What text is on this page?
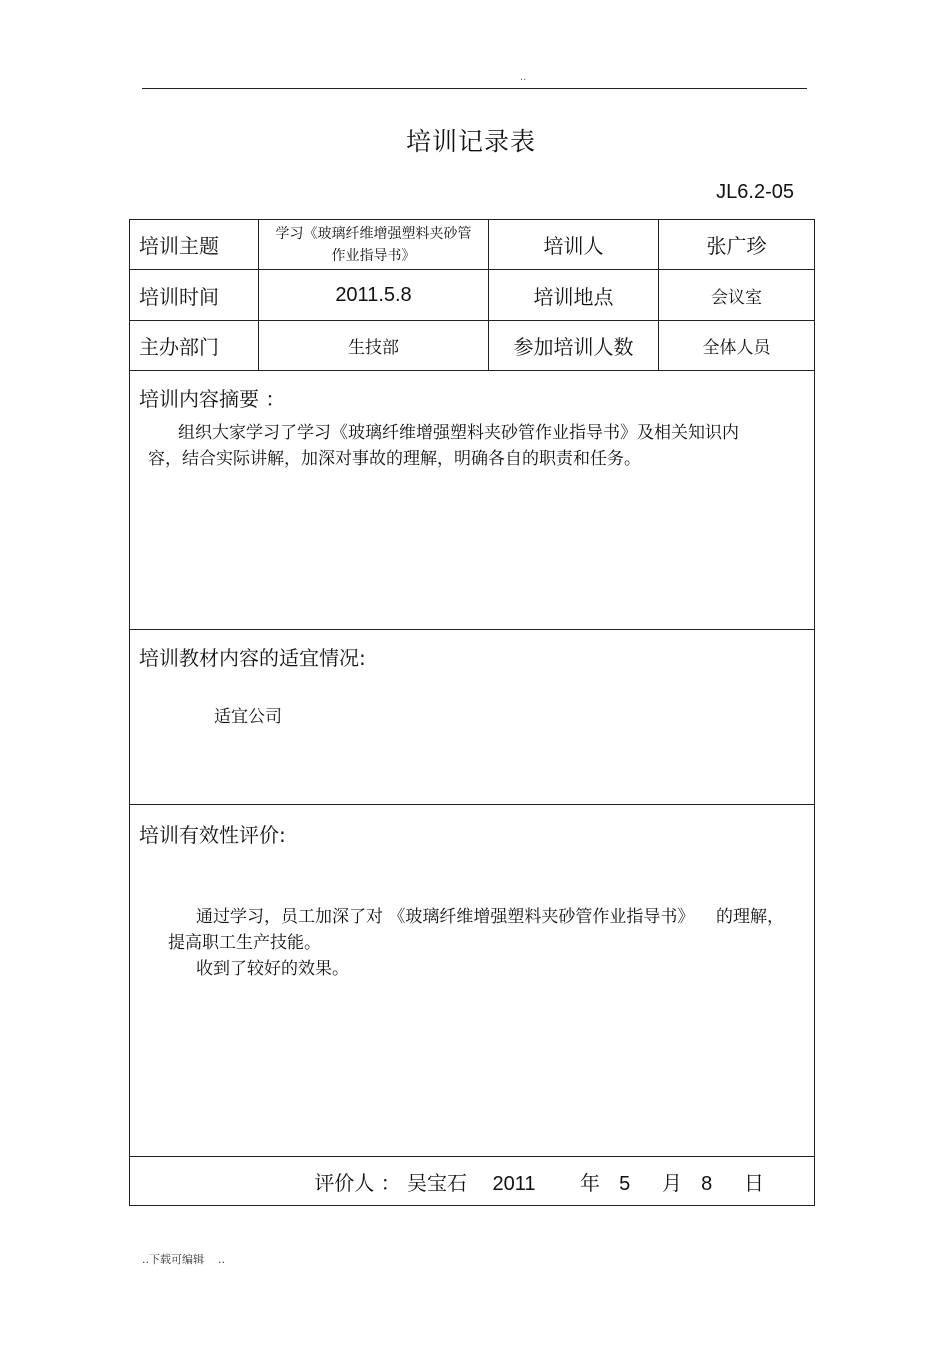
..
培训记录表
JL6.2-05
培训主题	学习《玻璃纤维增强塑料夹砂管作业指导书》	培训人	张广珍
培训时间	2011.5.8	培训地点	会议室
主办部门	生技部	参加培训人数	全体人员

培训内容摘要 ：
组织大家学习了学习《玻璃纤维增强塑料夹砂管作业指导书》及相关知识内
容，结合实际讲解，加深对事故的理解，明确各自的职责和任务。			

培训教材内容的适宜情况:
适宜公司			

培训有效性评价:
通过学习，员工加深了对 《玻璃纤维增强塑料夹砂管作业指导书》    的理解，
提高职工生产技能。
收到了较好的效果。			

评价人 ： 吴宝石 2011 年 5 月 8 日			
..下载可编辑    ..
